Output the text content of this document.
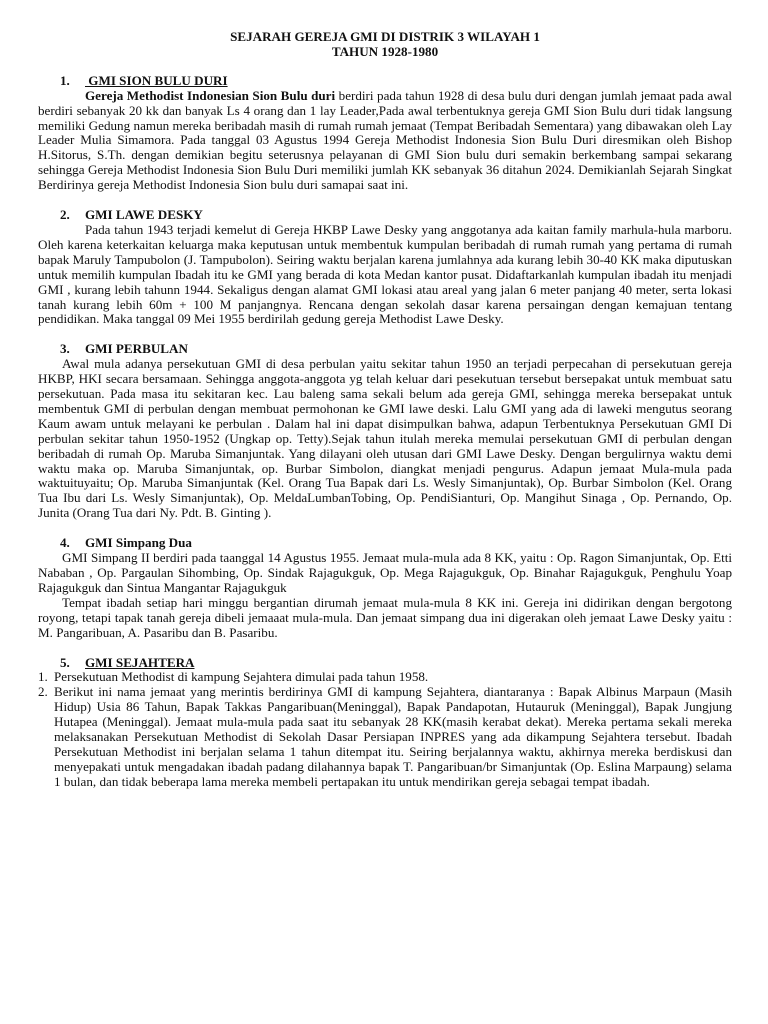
SEJARAH GEREJA GMI DI DISTRIK 3 WILAYAH 1

TAHUN 1928-1980

1.	GMI SION BULU DURI

Gereja Methodist Indonesian Sion Bulu duri berdiri pada tahun 1928 di desa bulu duri dengan jumlah jemaat pada awal berdiri sebanyak 20 kk dan banyak Ls 4 orang dan 1 lay Leader,Pada awal terbentuknya gereja GMI Sion Bulu duri tidak langsung memiliki Gedung namun mereka beribadah masih di rumah rumah jemaat (Tempat Beribadah Sementara) yang dibawakan oleh Lay Leader Mulia Simamora. Pada tanggal 03 Agustus 1994 Gereja Methodist Indonesia Sion Bulu Duri diresmikan oleh Bishop H.Sitorus, S.Th. dengan demikian begitu seterusnya pelayanan di GMI Sion bulu duri semakin berkembang sampai sekarang sehingga Gereja Methodist Indonesia Sion Bulu Duri memiliki jumlah KK sebanyak 36 ditahun 2024. Demikianlah Sejarah Singkat Berdirinya gereja Methodist Indonesia Sion bulu duri samapai saat ini.

2.	GMI LAWE DESKY

Pada tahun 1943 terjadi kemelut di Gereja HKBP Lawe Desky yang anggotanya ada kaitan family marhula-hula marboru. Oleh karena keterkaitan keluarga maka keputusan untuk membentuk kumpulan beribadah di rumah rumah yang pertama di rumah bapak Maruly Tampubolon (J. Tampubolon). Seiring waktu berjalan karena jumlahnya ada kurang lebih 30-40 KK maka diputuskan untuk memilih kumpulan Ibadah itu ke GMI yang berada di kota Medan kantor pusat. Didaftarkanlah kumpulan ibadah itu menjadi GMI , kurang lebih tahunn 1944. Sekaligus dengan alamat GMI lokasi atau areal yang jalan 6 meter panjang 40 meter, serta lokasi tanah kurang lebih 60m + 100 M panjangnya. Rencana dengan sekolah dasar karena persaingan dengan kemajuan tentang pendidikan. Maka tanggal 09 Mei 1955 berdirilah gedung gereja Methodist Lawe Desky.

3.	GMI PERBULAN

Awal mula adanya persekutuan GMI di desa perbulan yaitu sekitar tahun 1950 an terjadi perpecahan di persekutuan gereja HKBP, HKI secara bersamaan. Sehingga anggota-anggota yg telah keluar dari pesekutuan tersebut bersepakat untuk membuat satu persekutuan. Pada masa itu sekitaran kec. Lau baleng sama sekali belum ada gereja GMI, sehingga mereka bersepakat untuk membentuk GMI di perbulan dengan membuat permohonan ke GMI lawe deski. Lalu GMI yang ada di laweki mengutus seorang Kaum awam untuk melayani ke perbulan . Dalam hal ini dapat disimpulkan bahwa, adapun Terbentuknya Persekutuan GMI Di perbulan sekitar tahun 1950-1952 (Ungkap op. Tetty).Sejak tahun itulah mereka memulai persekutuan GMI di perbulan dengan beribadah di rumah Op. Maruba Simanjuntak. Yang dilayani oleh utusan dari GMI Lawe Desky. Dengan bergulirnya waktu demi waktu maka op. Maruba Simanjuntak, op. Burbar Simbolon, diangkat menjadi pengurus. Adapun jemaat Mula-mula pada waktuituyaitu; Op. Maruba Simanjuntak (Kel. Orang Tua Bapak dari Ls. Wesly Simanjuntak), Op. Burbar Simbolon (Kel. Orang Tua Ibu dari Ls. Wesly Simanjuntak), Op. MeldaLumbanTobing, Op. PendiSianturi, Op. Mangihut Sinaga , Op. Pernando, Op. Junita (Orang Tua dari Ny. Pdt. B. Ginting ).

4.	GMI Simpang Dua

GMI Simpang II berdiri pada taanggal 14 Agustus 1955. Jemaat mula-mula ada 8 KK, yaitu : Op. Ragon Simanjuntak, Op. Etti Nababan , Op. Pargaulan Sihombing, Op. Sindak Rajagukguk, Op. Mega Rajagukguk, Op. Binahar Rajagukguk, Penghulu Yoap Rajagukguk dan Sintua Mangantar Rajagukguk

Tempat ibadah setiap hari minggu bergantian dirumah jemaat mula-mula 8 KK ini. Gereja ini didirikan dengan bergotong royong, tetapi tapak tanah gereja dibeli jemaaat mula-mula. Dan jemaat simpang dua ini digerakan oleh jemaat Lawe Desky yaitu : M. Pangaribuan, A. Pasaribu dan B. Pasaribu.

5.	GMI SEJAHTERA
1. Persekutuan Methodist di kampung Sejahtera dimulai pada tahun 1958.
2. Berikut ini nama jemaat yang merintis berdirinya GMI di kampung Sejahtera, diantaranya : Bapak Albinus Marpaun (Masih Hidup) Usia 86 Tahun, Bapak Takkas Pangaribuan(Meninggal), Bapak Pandapotan, Hutauruk (Meninggal), Bapak Jungjung Hutapea (Meninggal). Jemaat mula-mula pada saat itu sebanyak 28 KK(masih kerabat dekat). Mereka pertama sekali mereka melaksanakan Persekutuan Methodist di Sekolah Dasar Persiapan INPRES yang ada dikampung Sejahtera tersebut. Ibadah Persekutuan Methodist ini berjalan selama 1 tahun ditempat itu. Seiring berjalannya waktu, akhirnya mereka berdiskusi dan menyepakati untuk mengadakan ibadah padang dilahannya bapak T. Pangaribuan/br Simanjuntak (Op. Eslina Marpaung) selama 1 bulan, dan tidak beberapa lama mereka membeli pertapakan itu untuk mendirikan gereja sebagai tempat ibadah.
